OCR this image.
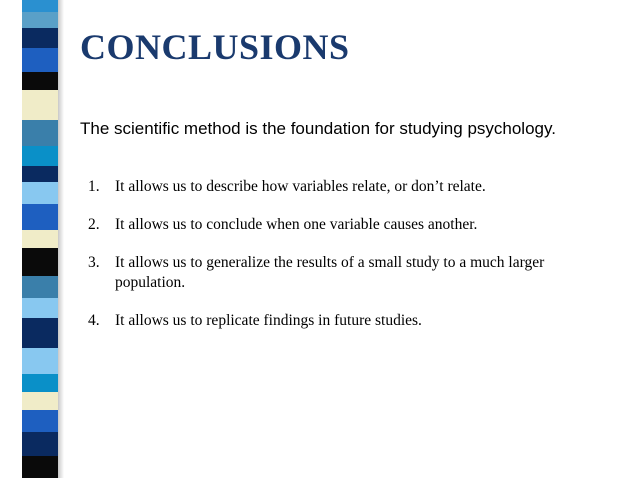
CONCLUSIONS

The scientific method is the foundation for studying psychology.

1. It allows us to describe how variables relate, or don’t relate.
2. It allows us to conclude when one variable causes another.
3. It allows us to generalize the results of a small study to a much larger population.
4. It allows us to replicate findings in future studies.
